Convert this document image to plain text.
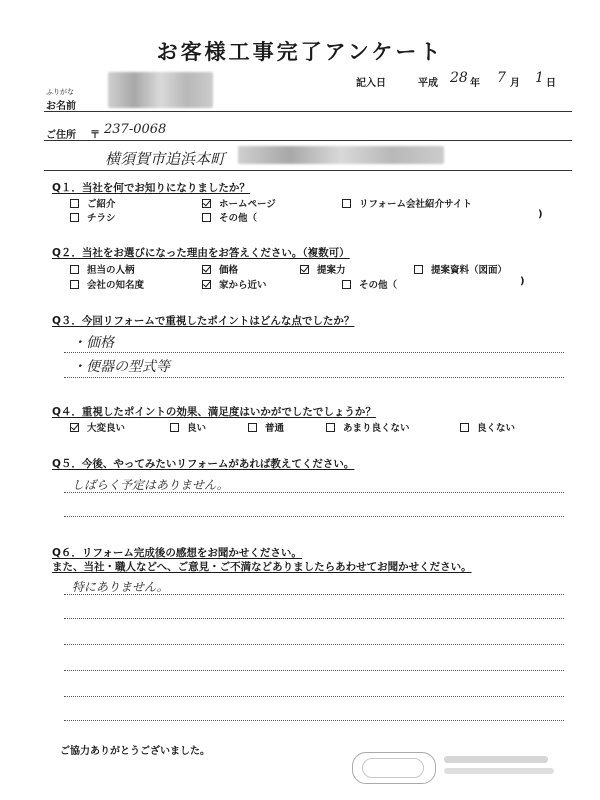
お客様工事完了アンケート
記入日	平成 28 年 7 月 1 日
ふりがな
お名前
ご住所 〒 237-0068
横須賀市追浜本町
Q１．当社を何でお知りになりましたか？
ご紹介	ホームページ	リフォーム会社紹介サイト
チラシ	その他（	)
Q２．当社をお選びになった理由をお答えください。（複数可）
担当の人柄	価格	提案力	提案資料（図面）
会社の知名度	家から近い	その他（	)
Q３．今回リフォームで重視したポイントはどんな点でしたか？
・価格
・便器の型式等
Q４．重視したポイントの効果、満足度はいかがでしたでしょうか？
大変良い	良い	普通	あまり良くない	良くない
Q５．今後、やってみたいリフォームがあれば教えてください。
しばらく予定はありません。
Q６．リフォーム完成後の感想をお聞かせください。
また、当社・職人などへ、ご意見・ご不満などありましたらあわせてお聞かせください。
特にありません。
ご協力ありがとうございました。
